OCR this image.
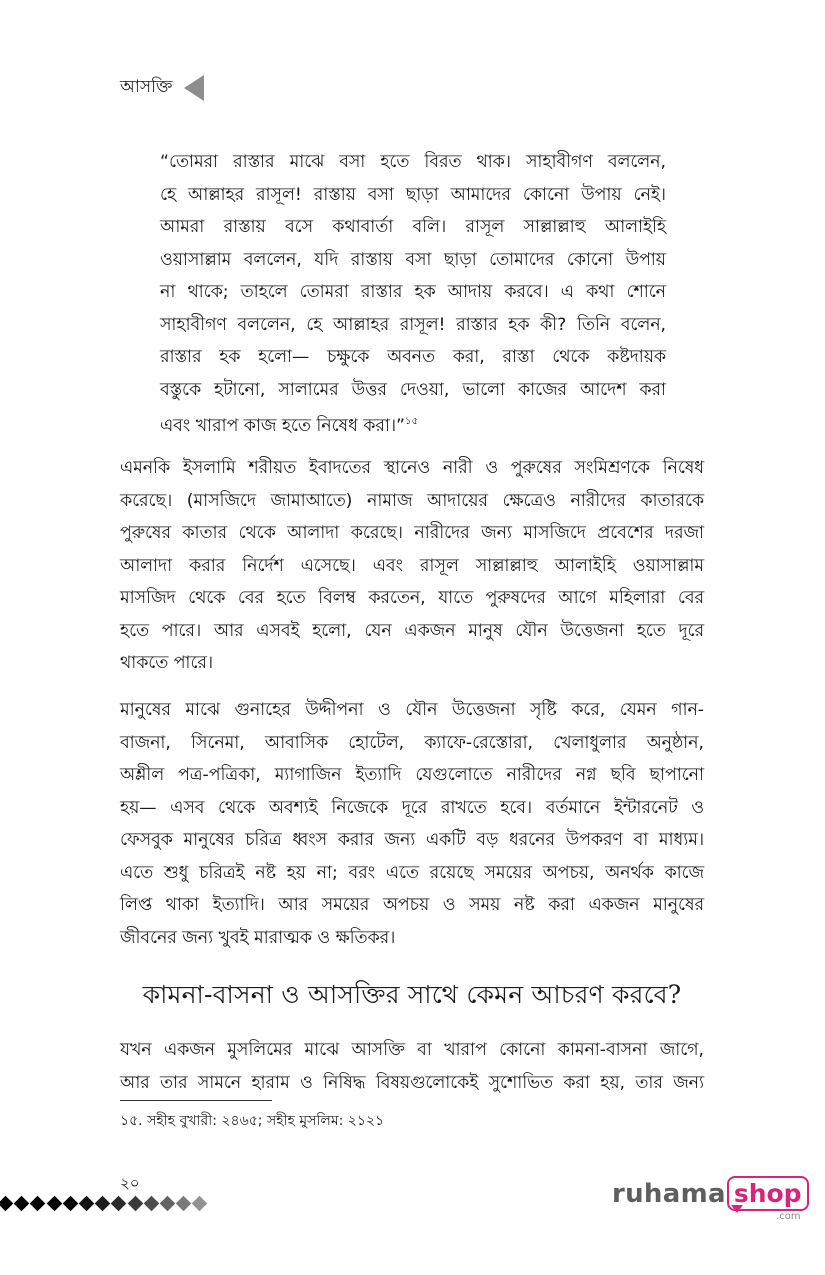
আসক্তি

“তোমরা রাস্তার মাঝে বসা হতে বিরত থাক। সাহাবীগণ বললেন,

হে আল্লাহর রাসূল! রাস্তায় বসা ছাড়া আমাদের কোনো উপায় নেই।

আমরা রাস্তায় বসে কথাবার্তা বলি। রাসূল সাল্লাল্লাহু আলাইহি

ওয়াসাল্লাম বললেন, যদি রাস্তায় বসা ছাড়া তোমাদের কোনো উপায়

না থাকে; তাহলে তোমরা রাস্তার হক আদায় করবে। এ কথা শোনে

সাহাবীগণ বললেন, হে আল্লাহর রাসূল! রাস্তার হক কী? তিনি বলেন,

রাস্তার হক হলো— চক্ষুকে অবনত করা, রাস্তা থেকে কষ্টদায়ক

বস্তুকে হটানো, সালামের উত্তর দেওয়া, ভালো কাজের আদেশ করা

এবং খারাপ কাজ হতে নিষেধ করা।”$^{১৫}$

এমনকি ইসলামি শরীয়ত ইবাদতের স্থানেও নারী ও পুরুষের সংমিশ্রণকে নিষেধ

করেছে। (মাসজিদে জামাআতে) নামাজ আদায়ের ক্ষেত্রেও নারীদের কাতারকে

পুরুষের কাতার থেকে আলাদা করেছে। নারীদের জন্য মাসজিদে প্রবেশের দরজা

আলাদা করার নির্দেশ এসেছে। এবং রাসূল সাল্লাল্লাহু আলাইহি ওয়াসাল্লাম

মাসজিদ থেকে বের হতে বিলম্ব করতেন, যাতে পুরুষদের আগে মহিলারা বের

হতে পারে। আর এসবই হলো, যেন একজন মানুষ যৌন উত্তেজনা হতে দূরে

থাকতে পারে।

মানুষের মাঝে গুনাহের উদ্দীপনা ও যৌন উত্তেজনা সৃষ্টি করে, যেমন গান-

বাজনা, সিনেমা, আবাসিক হোটেল, ক্যাফে-রেস্তোরা, খেলাধুলার অনুষ্ঠান,

অশ্লীল পত্র-পত্রিকা, ম্যাগাজিন ইত্যাদি যেগুলোতে নারীদের নগ্ন ছবি ছাপানো

হয়— এসব থেকে অবশ্যই নিজেকে দূরে রাখতে হবে। বর্তমানে ইন্টারনেট ও

ফেসবুক মানুষের চরিত্র ধ্বংস করার জন্য একটি বড় ধরনের উপকরণ বা মাধ্যম।

এতে শুধু চরিত্রই নষ্ট হয় না; বরং এতে রয়েছে সময়ের অপচয়, অনর্থক কাজে

লিপ্ত থাকা ইত্যাদি। আর সময়ের অপচয় ও সময় নষ্ট করা একজন মানুষের

জীবনের জন্য খুবই মারাত্মক ও ক্ষতিকর।

কামনা-বাসনা ও আসক্তির সাথে কেমন আচরণ করবে?

যখন একজন মুসলিমের মাঝে আসক্তি বা খারাপ কোনো কামনা-বাসনা জাগে,

আর তার সামনে হারাম ও নিষিদ্ধ বিষয়গুলোকেই সুশোভিত করা হয়, তার জন্য

১৫. সহীহ বুখারী: ২৪৬৫; সহীহ মুসলিম: ২১২১
২০	ruhama shop
.com
